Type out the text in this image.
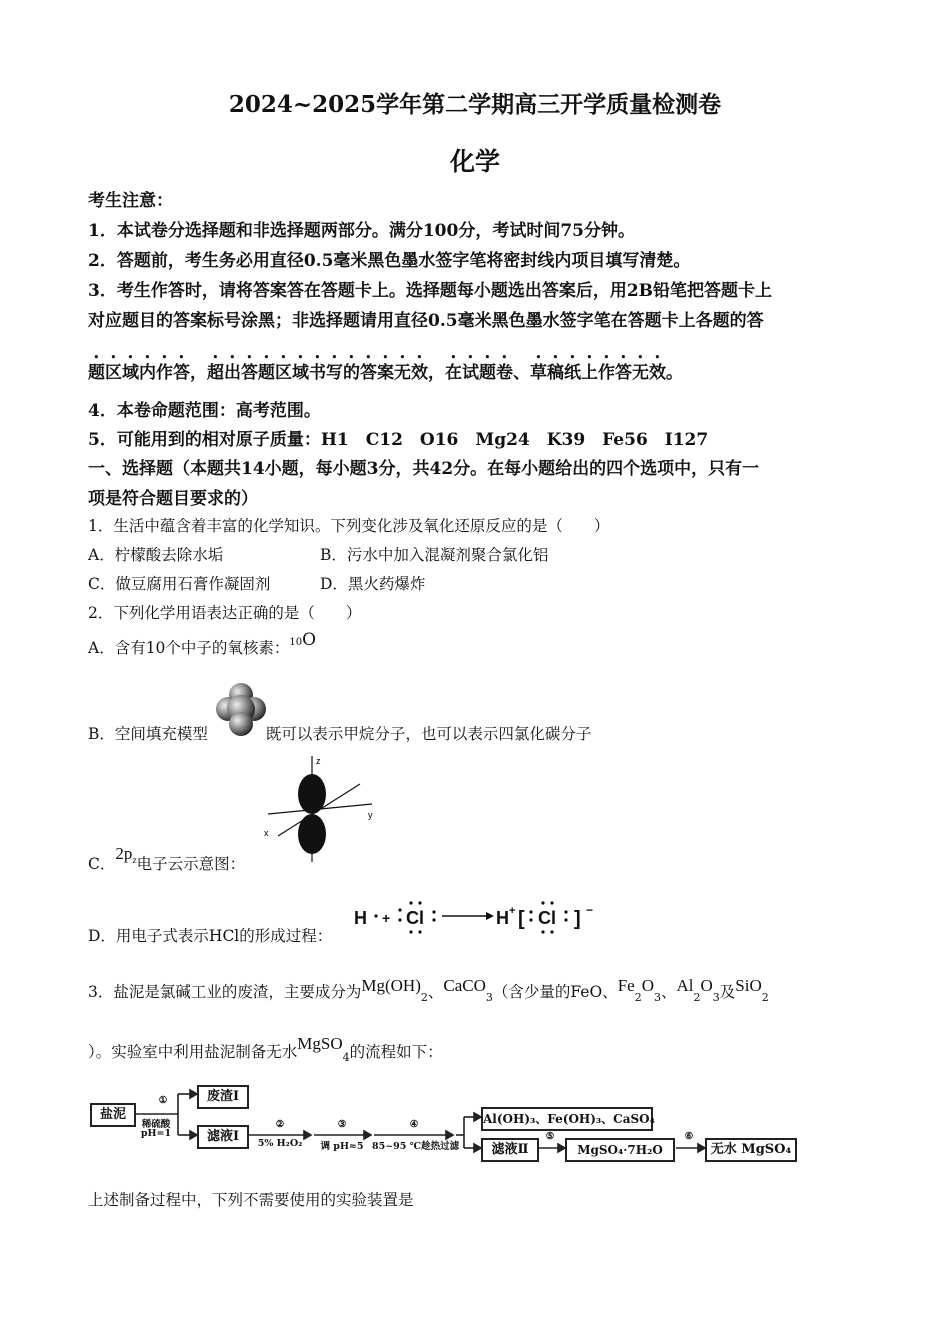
2024~2025学年第二学期高三开学质量检测卷
化学
考生注意：
1．本试卷分选择题和非选择题两部分。满分100分，考试时间75分钟。
2．答题前，考生务必用直径0.5毫米黑色墨水签字笔将密封线内项目填写清楚。
3．考生作答时，请将答案答在答题卡上。选择题每小题选出答案后，用2B铅笔把答题卡上
对应题目的答案标号涂黑；非选择题请用直径0.5毫米黑色墨水签字笔在答题卡上各题的答
题区域内作答，超出答题区域书写的答案无效，在试题卷、草稿纸上作答无效。
4．本卷命题范围：高考范围。
5．可能用到的相对原子质量：H1　C12　O16　Mg24　K39　Fe56　I127
一、选择题（本题共14小题，每小题3分，共42分。在每小题给出的四个选项中，只有一
项是符合题目要求的）
1．生活中蕴含着丰富的化学知识。下列变化涉及氧化还原反应的是（　　）
A．柠檬酸去除水垢	B．污水中加入混凝剂聚合氯化铝
C．做豆腐用石膏作凝固剂	D．黑火药爆炸
2．下列化学用语表达正确的是（　　）
A．含有10个中子的氧核素：$^{10}$O
B．空间填充模型	既可以表示甲烷分子，也可以表示四氯化碳分子
z
x
y
C．$2p^z$电子云示意图：
D．用电子式表示HCl的形成过程：
H + Cl	H + [ Cl ] −
3．盐泥是氯碱工业的废渣，主要成分为$Mg(OH)_2$、CaCO$_3$（含少量的FeO、$Fe_2O_3$、$Al_2O_3$及SiO$_2$
）。实验室中利用盐泥制备无水MgSO$_4$的流程如下：
盐泥
废渣Ⅰ
滤液Ⅰ
①
稀硫酸
pH=1
②
5% H₂O₂
③
调 pH≈5
④
85~95 ℃趁热过滤
Al(OH)₃、Fe(OH)₃、CaSO₄
滤液Ⅱ
⑤
MgSO₄·7H₂O
⑥
无水 MgSO₄
上述制备过程中，下列不需要使用的实验装置是
